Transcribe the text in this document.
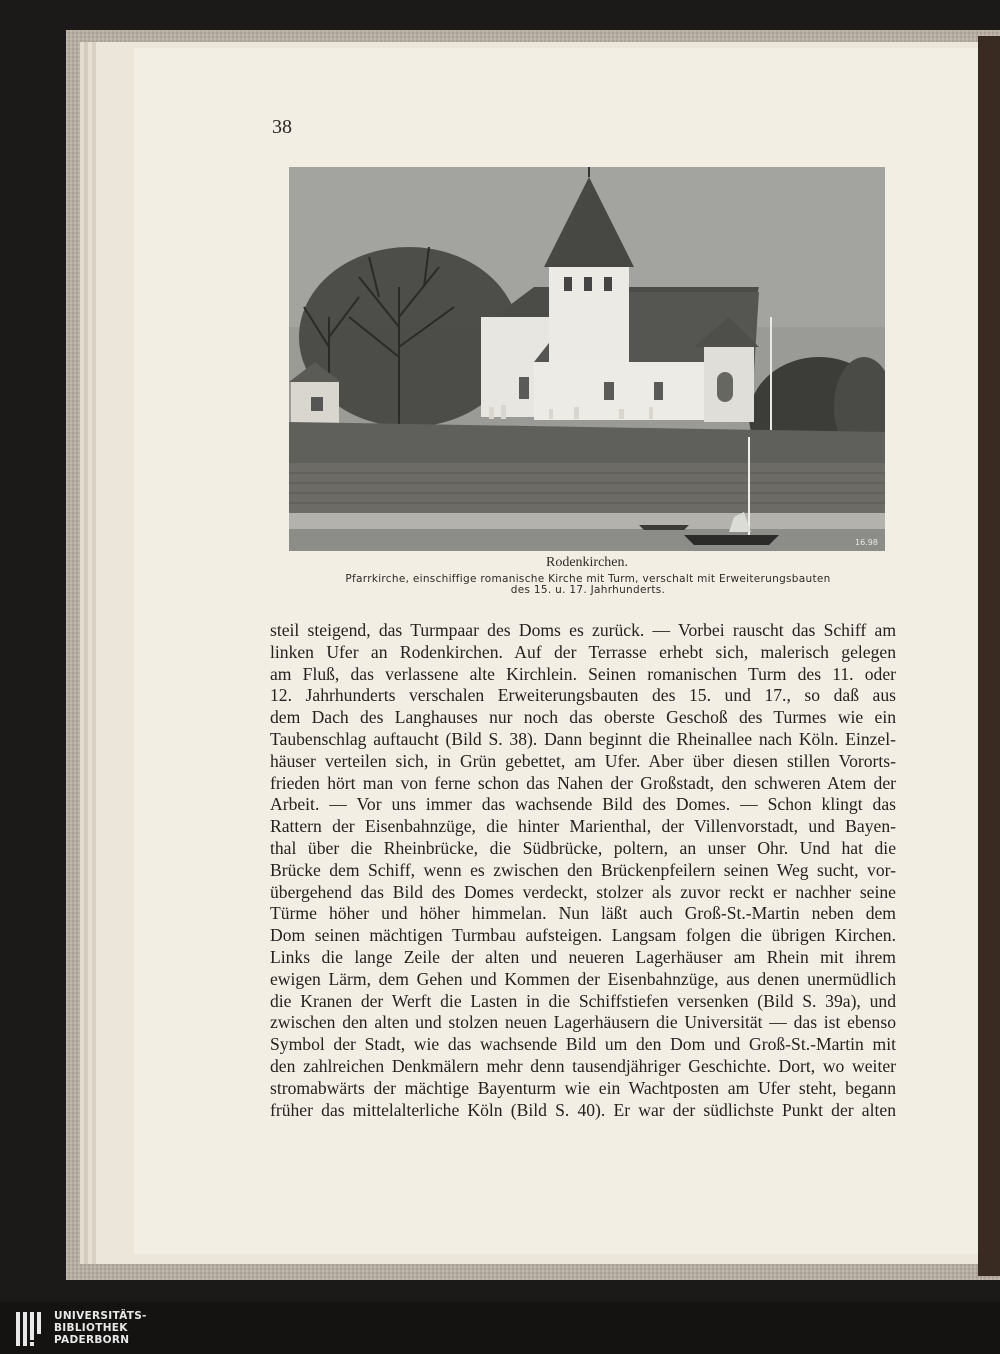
38
16.98
Rodenkirchen.
Pfarrkirche, einschiffige romanische Kirche mit Turm, verschalt mit Erweiterungsbauten
des 15. u. 17. Jahrhunderts.
steil steigend, das Turmpaar des Doms es zurück. — Vorbei rauscht das Schiff am
linken Ufer an Rodenkirchen. Auf der Terrasse erhebt sich, malerisch gelegen
am Fluß, das verlassene alte Kirchlein. Seinen romanischen Turm des 11. oder
12. Jahrhunderts verschalen Erweiterungsbauten des 15. und 17., so daß aus
dem Dach des Langhauses nur noch das oberste Geschoß des Turmes wie ein
Taubenschlag auftaucht (Bild S. 38). Dann beginnt die Rheinallee nach Köln. Einzel-
häuser verteilen sich, in Grün gebettet, am Ufer. Aber über diesen stillen Vororts-
frieden hört man von ferne schon das Nahen der Großstadt, den schweren Atem der
Arbeit. — Vor uns immer das wachsende Bild des Domes. — Schon klingt das
Rattern der Eisenbahnzüge, die hinter Marienthal, der Villenvorstadt, und Bayen-
thal über die Rheinbrücke, die Südbrücke, poltern, an unser Ohr. Und hat die
Brücke dem Schiff, wenn es zwischen den Brückenpfeilern seinen Weg sucht, vor-
übergehend das Bild des Domes verdeckt, stolzer als zuvor reckt er nachher seine
Türme höher und höher himmelan. Nun läßt auch Groß-St.-Martin neben dem
Dom seinen mächtigen Turmbau aufsteigen. Langsam folgen die übrigen Kirchen.
Links die lange Zeile der alten und neueren Lagerhäuser am Rhein mit ihrem
ewigen Lärm, dem Gehen und Kommen der Eisenbahnzüge, aus denen unermüdlich
die Kranen der Werft die Lasten in die Schiffstiefen versenken (Bild S. 39a), und
zwischen den alten und stolzen neuen Lagerhäusern die Universität — das ist ebenso
Symbol der Stadt, wie das wachsende Bild um den Dom und Groß-St.-Martin mit
den zahlreichen Denkmälern mehr denn tausendjähriger Geschichte. Dort, wo weiter
stromabwärts der mächtige Bayenturm wie ein Wachtposten am Ufer steht, begann
früher das mittelalterliche Köln (Bild S. 40). Er war der südlichste Punkt der alten
UNIVERSITÄTS-
BIBLIOTHEK
PADERBORN
